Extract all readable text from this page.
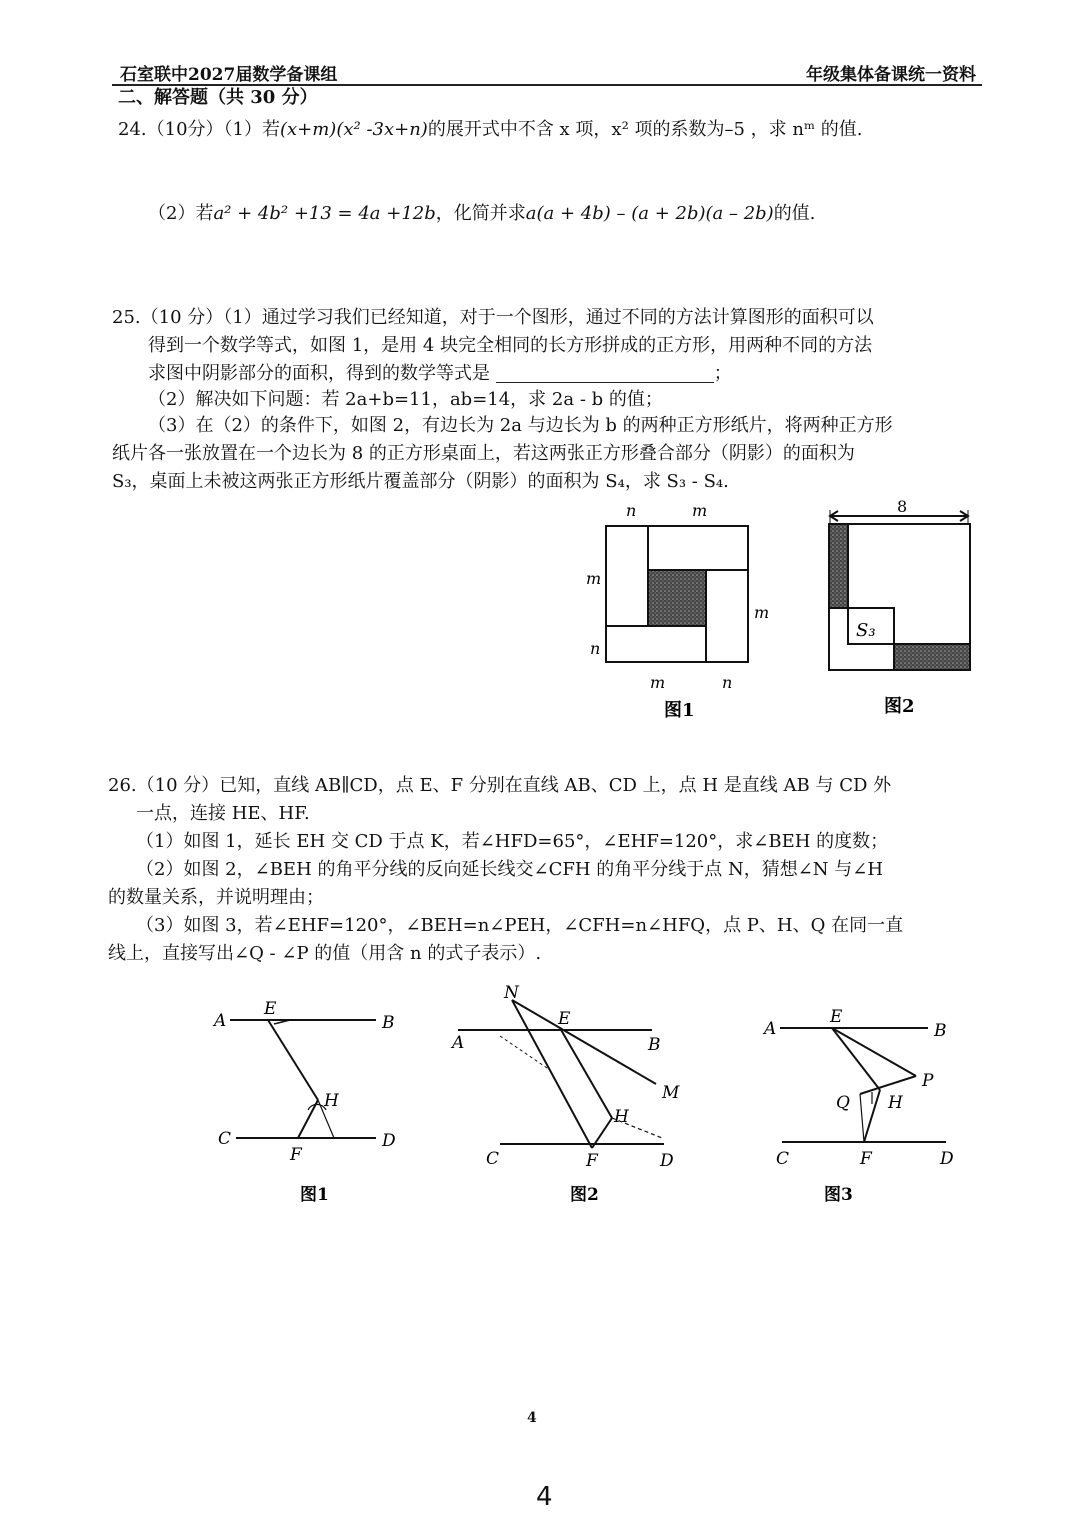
石室联中2027届数学备课组	年级集体备课统一资料
二、解答题（共 30 分）
24.（10分）（1）若(x+m)(x² -3x+n)的展开式中不含 x 项，x² 项的系数为–5 ，求 nᵐ 的值.
（2）若a² + 4b² +13 = 4a +12b，化简并求a(a + 4b) – (a + 2b)(a – 2b)的值.
25.（10 分）（1）通过学习我们已经知道，对于一个图形，通过不同的方法计算图形的面积可以
得到一个数学等式，如图 1，是用 4 块完全相同的长方形拼成的正方形，用两种不同的方法
求图中阴影部分的面积，得到的数学等式是	；
（2）解决如下问题：若 2a+b=11，ab=14，求 2a - b 的值；
（3）在（2）的条件下，如图 2，有边长为 2a 与边长为 b 的两种正方形纸片，将两种正方形
纸片各一张放置在一个边长为 8 的正方形桌面上，若这两张正方形叠合部分（阴影）的面积为
S₃，桌面上未被这两张正方形纸片覆盖部分（阴影）的面积为 S₄，求 S₃ - S₄.
n	m
m
m
n
m	n
图1
8
S₃
图2
26.（10 分）已知，直线 AB∥CD，点 E、F 分别在直线 AB、CD 上，点 H 是直线 AB 与 CD 外
一点，连接 HE、HF.
（1）如图 1，延长 EH 交 CD 于点 K，若∠HFD=65°，∠EHF=120°，求∠BEH 的度数；
（2）如图 2，∠BEH 的角平分线的反向延长线交∠CFH 的角平分线于点 N，猜想∠N 与∠H
的数量关系，并说明理由；
（3）如图 3，若∠EHF=120°，∠BEH=n∠PEH，∠CFH=n∠HFQ，点 P、H、Q 在同一直
线上，直接写出∠Q - ∠P 的值（用含 n 的式子表示）.
A	B
C	D
E
F
H
图1
N
A	B
E
M
H
C	F	D
图2
A	B
E
P
Q H
C	F	D
图3
4
4
